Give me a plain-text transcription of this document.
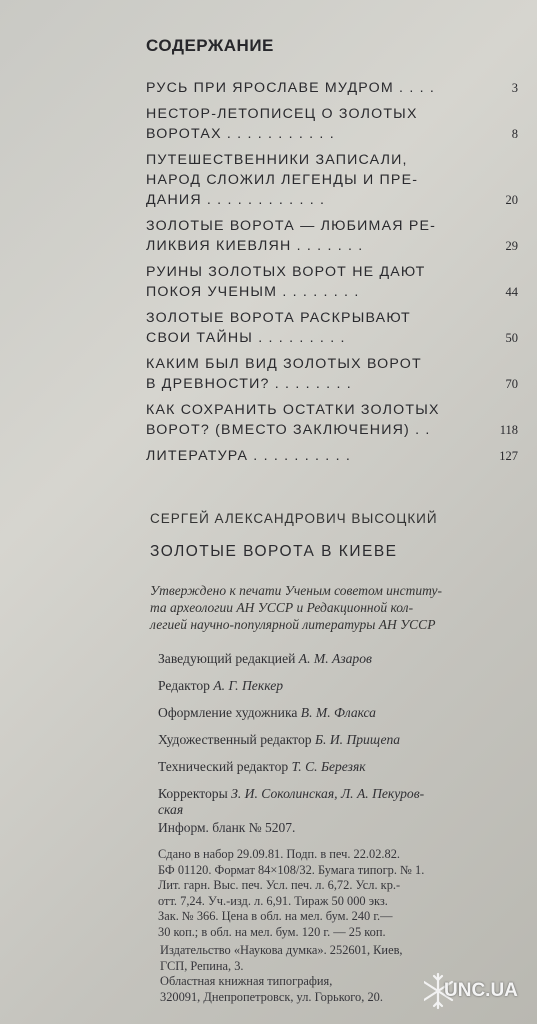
СОДЕРЖАНИЕ
РУСЬ ПРИ ЯРОСЛАВЕ МУДРОМ . . . .	3
НЕСТОР-ЛЕТОПИСЕЦ О ЗОЛОТЫХ
ВОРОТАХ . . . . . . . . . . .	8
ПУТЕШЕСТВЕННИКИ ЗАПИСАЛИ,
НАРОД СЛОЖИЛ ЛЕГЕНДЫ И ПРЕ-
ДАНИЯ . . . . . . . . . . . .	20
ЗОЛОТЫЕ ВОРОТА — ЛЮБИМАЯ РЕ-
ЛИКВИЯ КИЕВЛЯН . . . . . . .	29
РУИНЫ ЗОЛОТЫХ ВОРОТ НЕ ДАЮТ
ПОКОЯ УЧЕНЫМ . . . . . . . .	44
ЗОЛОТЫЕ ВОРОТА РАСКРЫВАЮТ
СВОИ ТАЙНЫ . . . . . . . . .	50
КАКИМ БЫЛ ВИД ЗОЛОТЫХ ВОРОТ
В ДРЕВНОСТИ? . . . . . . . .	70
КАК СОХРАНИТЬ ОСТАТКИ ЗОЛОТЫХ
ВОРОТ? (ВМЕСТО ЗАКЛЮЧЕНИЯ) . .	118
ЛИТЕРАТУРА . . . . . . . . . .	127
СЕРГЕЙ АЛЕКСАНДРОВИЧ ВЫСОЦКИЙ
ЗОЛОТЫЕ ВОРОТА В КИЕВЕ
Утверждено к печати Ученым советом институ-
та археологии АН УССР и Редакционной кол-
легией научно-популярной литературы АН УССР
Заведующий редакцией А. М. Азаров
Редактор А. Г. Пеккер
Оформление художника В. М. Флакса
Художественный редактор Б. И. Прищепа
Технический редактор Т. С. Березяк
Корректоры З. И. Соколинская, Л. А. Пекуров-
ская
Информ. бланк № 5207.
Сдано в набор 29.09.81. Подп. в печ. 22.02.82.
БФ 01120. Формат 84×108/32. Бумага типогр. № 1.
Лит. гарн. Выс. печ. Усл. печ. л. 6,72. Усл. кр.-
отт. 7,24. Уч.-изд. л. 6,91. Тираж 50 000 экз.
Зак. № 366. Цена в обл. на мел. бум. 240 г.—
30 коп.; в обл. на мел. бум. 120 г. — 25 коп.
Издательство «Наукова думка». 252601, Киев,
ГСП, Репина, 3.
Областная книжная типография,
320091, Днепропетровск, ул. Горького, 20.	UNC.UA
